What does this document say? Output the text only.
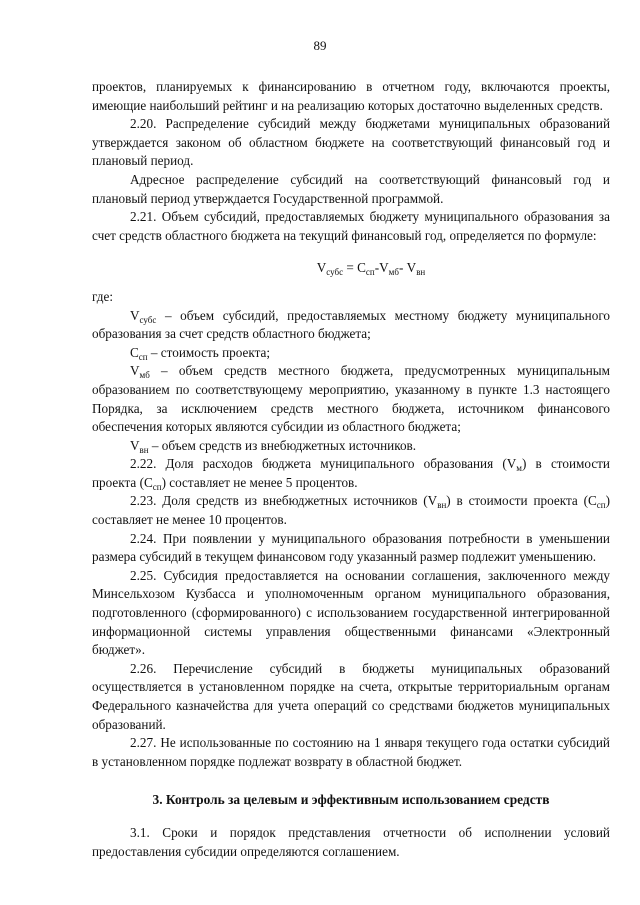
89

проектов, планируемых к финансированию в отчетном году, включаются проекты, имеющие наибольший рейтинг и на реализацию которых достаточно выделенных средств.

2.20. Распределение субсидий между бюджетами муниципальных образований утверждается законом об областном бюджете на соответствующий финансовый год и плановый период.

Адресное распределение субсидий на соответствующий финансовый год и плановый период утверждается Государственной программой.

2.21. Объем субсидий, предоставляемых бюджету муниципального образования за счет средств областного бюджета на текущий финансовый год, определяется по формуле:

$V_{субс} = С_{сп}-V_{мб}-$ $V_{вн}$

где:

$V_{субс}$ – объем субсидий, предоставляемых местному бюджету муниципального образования за счет средств областного бюджета;

$С_{сп}$ – стоимость проекта;

$V_{мб}$ – объем средств местного бюджета, предусмотренных муниципальным образованием по соответствующему мероприятию, указанному в пункте 1.3 настоящего Порядка, за исключением средств местного бюджета, источником финансового обеспечения которых являются субсидии из областного бюджета;

$V_{вн}$ – объем средств из внебюджетных источников.

2.22. Доля расходов бюджета муниципального образования $(V_м)$ в стоимости проекта $(С_{сп})$ составляет не менее 5 процентов.

2.23. Доля средств из внебюджетных источников $(V_{вн})$ в стоимости проекта $(С_{сп})$ составляет не менее 10 процентов.

2.24. При появлении у муниципального образования потребности в уменьшении размера субсидий в текущем финансовом году указанный размер подлежит уменьшению.

2.25. Субсидия предоставляется на основании соглашения, заключенного между Минсельхозом Кузбасса и уполномоченным органом муниципального образования, подготовленного (сформированного) с использованием государственной интегрированной информационной системы управления общественными финансами «Электронный бюджет».

2.26. Перечисление субсидий в бюджеты муниципальных образований осуществляется в установленном порядке на счета, открытые территориальным органам Федерального казначейства для учета операций со средствами бюджетов муниципальных образований.

2.27. Не использованные по состоянию на 1 января текущего года остатки субсидий в установленном порядке подлежат возврату в областной бюджет.

3. Контроль за целевым и эффективным использованием средств

3.1. Сроки и порядок представления отчетности об исполнении условий предоставления субсидии определяются соглашением.
